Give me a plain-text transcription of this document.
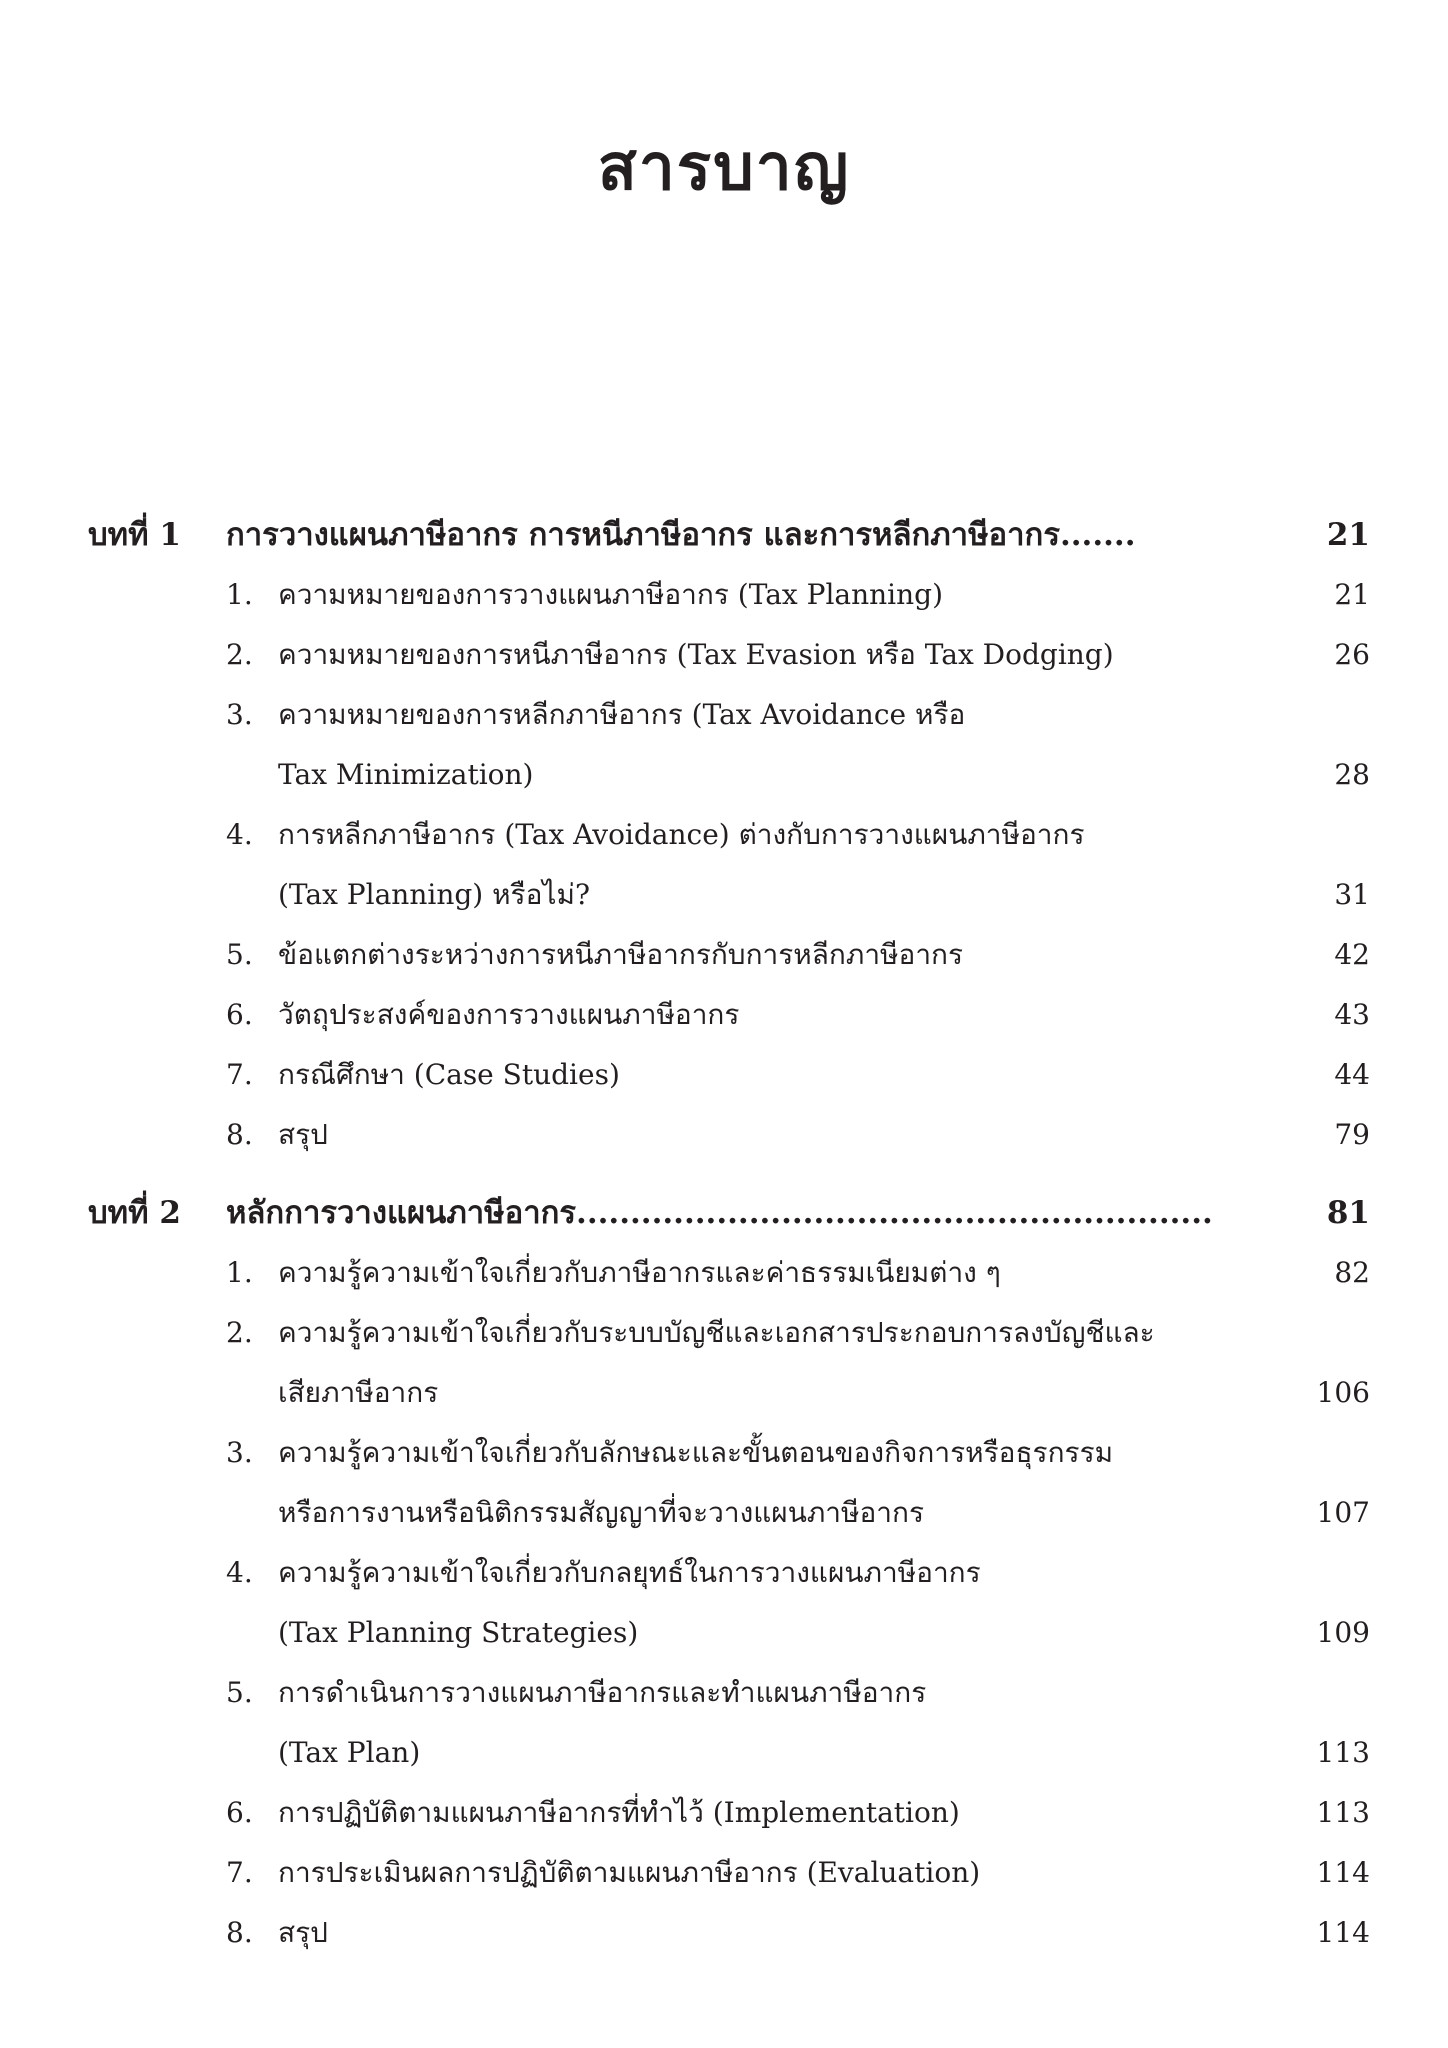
สารบาญ
บทที่ 1	การวางแผนภาษีอากร การหนีภาษีอากร และการหลีกภาษีอากร.......	21
1. ความหมายของการวางแผนภาษีอากร (Tax Planning)	21
2. ความหมายของการหนีภาษีอากร (Tax Evasion หรือ Tax Dodging)	26
3. ความหมายของการหลีกภาษีอากร (Tax Avoidance หรือ
Tax Minimization)	28
4. การหลีกภาษีอากร (Tax Avoidance) ต่างกับการวางแผนภาษีอากร
(Tax Planning) หรือไม่?	31
5. ข้อแตกต่างระหว่างการหนีภาษีอากรกับการหลีกภาษีอากร	42
6. วัตถุประสงค์ของการวางแผนภาษีอากร	43
7. กรณีศึกษา (Case Studies)	44
8. สรุป	79
บทที่ 2	หลักการวางแผนภาษีอากร...........................................................	81
1. ความรู้ความเข้าใจเกี่ยวกับภาษีอากรและค่าธรรมเนียมต่าง ๆ	82
2. ความรู้ความเข้าใจเกี่ยวกับระบบบัญชีและเอกสารประกอบการลงบัญชีและ
เสียภาษีอากร	106
3. ความรู้ความเข้าใจเกี่ยวกับลักษณะและขั้นตอนของกิจการหรือธุรกรรม
หรือการงานหรือนิติกรรมสัญญาที่จะวางแผนภาษีอากร	107
4. ความรู้ความเข้าใจเกี่ยวกับกลยุทธ์ในการวางแผนภาษีอากร
(Tax Planning Strategies)	109
5. การดำเนินการวางแผนภาษีอากรและทำแผนภาษีอากร
(Tax Plan)	113
6. การปฏิบัติตามแผนภาษีอากรที่ทำไว้ (Implementation)	113
7. การประเมินผลการปฏิบัติตามแผนภาษีอากร (Evaluation)	114
8. สรุป	114
